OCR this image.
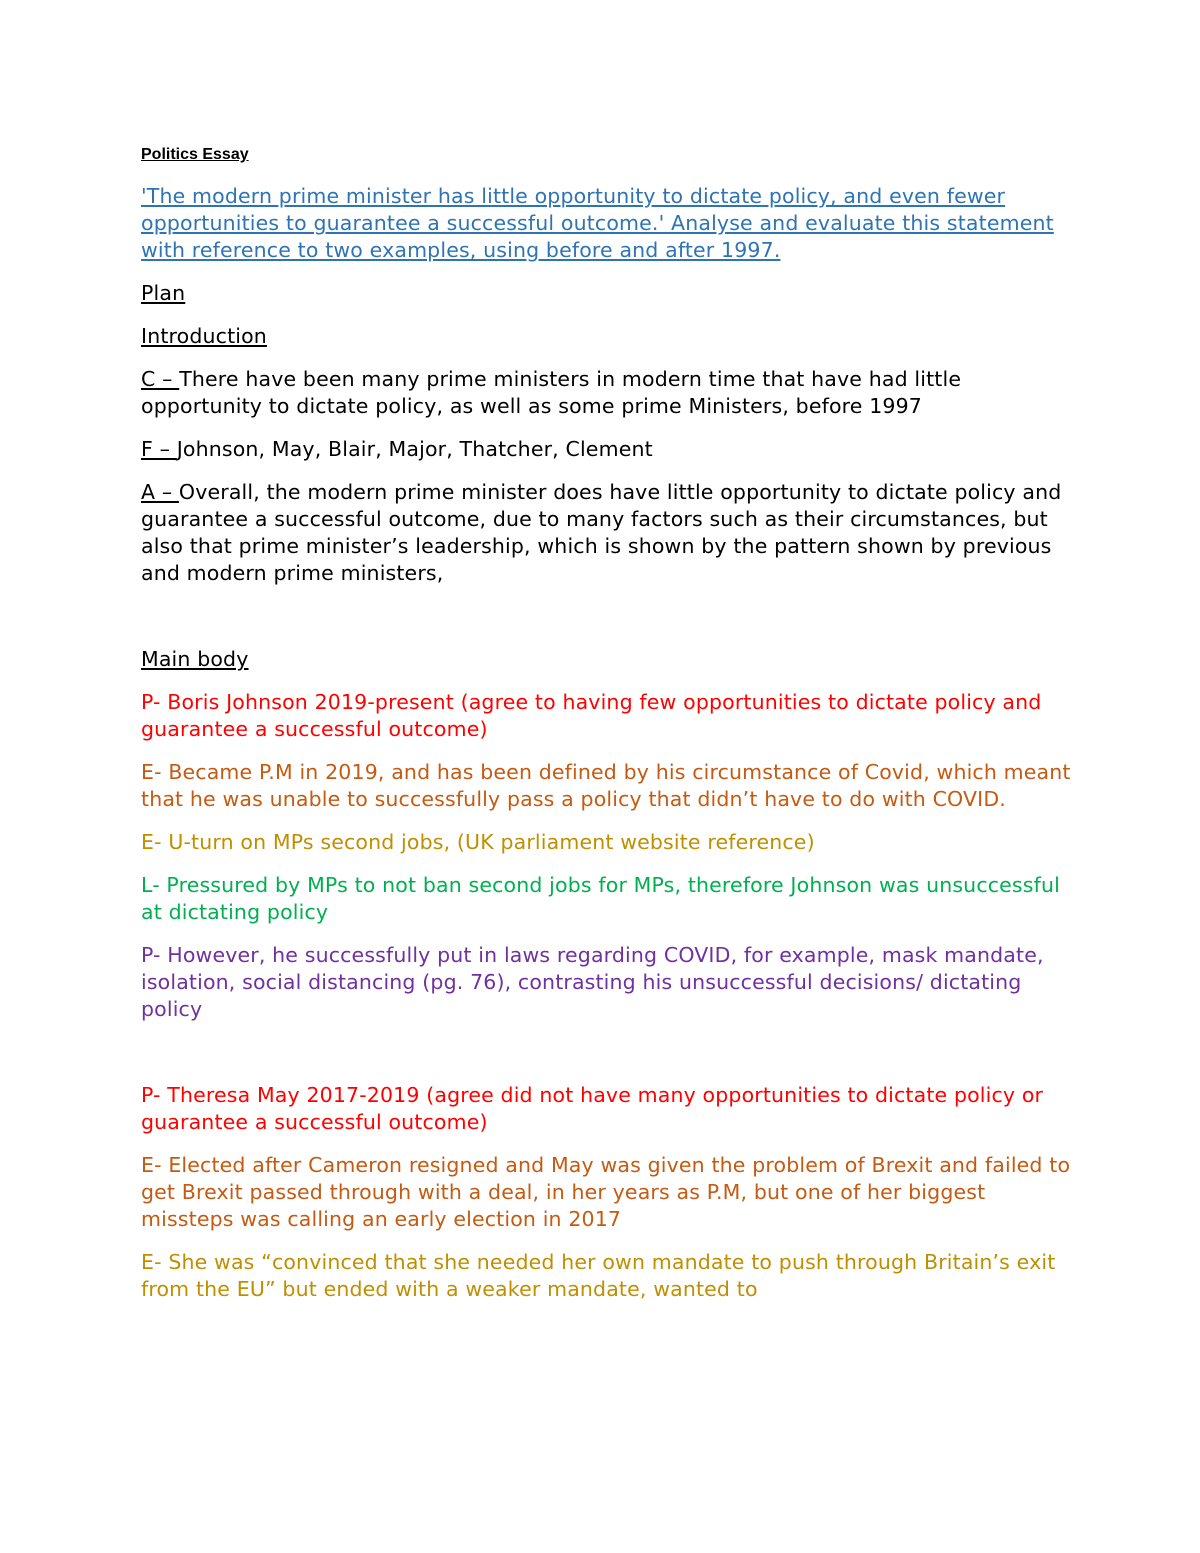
Politics Essay
'The modern prime minister has little opportunity to dictate policy, and even fewer opportunities to guarantee a successful outcome.' Analyse and evaluate this statement with reference to two examples, using before and after 1997.
Plan
Introduction
C – There have been many prime ministers in modern time that have had little opportunity to dictate policy, as well as some prime Ministers, before 1997
F – Johnson, May, Blair, Major, Thatcher, Clement
A – Overall, the modern prime minister does have little opportunity to dictate policy and guarantee a successful outcome, due to many factors such as their circumstances, but also that prime minister’s leadership, which is shown by the pattern shown by previous and modern prime ministers,
Main body
P- Boris Johnson 2019-present (agree to having few opportunities to dictate policy and guarantee a successful outcome)
E- Became P.M in 2019, and has been defined by his circumstance of Covid, which meant that he was unable to successfully pass a policy that didn’t have to do with COVID.
E- U-turn on MPs second jobs, (UK parliament website reference)
L- Pressured by MPs to not ban second jobs for MPs, therefore Johnson was unsuccessful at dictating policy
P- However, he successfully put in laws regarding COVID, for example, mask mandate, isolation, social distancing (pg. 76), contrasting his unsuccessful decisions/ dictating policy
P- Theresa May 2017-2019 (agree did not have many opportunities to dictate policy or guarantee a successful outcome)
E- Elected after Cameron resigned and May was given the problem of Brexit and failed to get Brexit passed through with a deal, in her years as P.M, but one of her biggest missteps was calling an early election in 2017
E- She was “convinced that she needed her own mandate to push through Britain’s exit from the EU” but ended with a weaker mandate, wanted to
